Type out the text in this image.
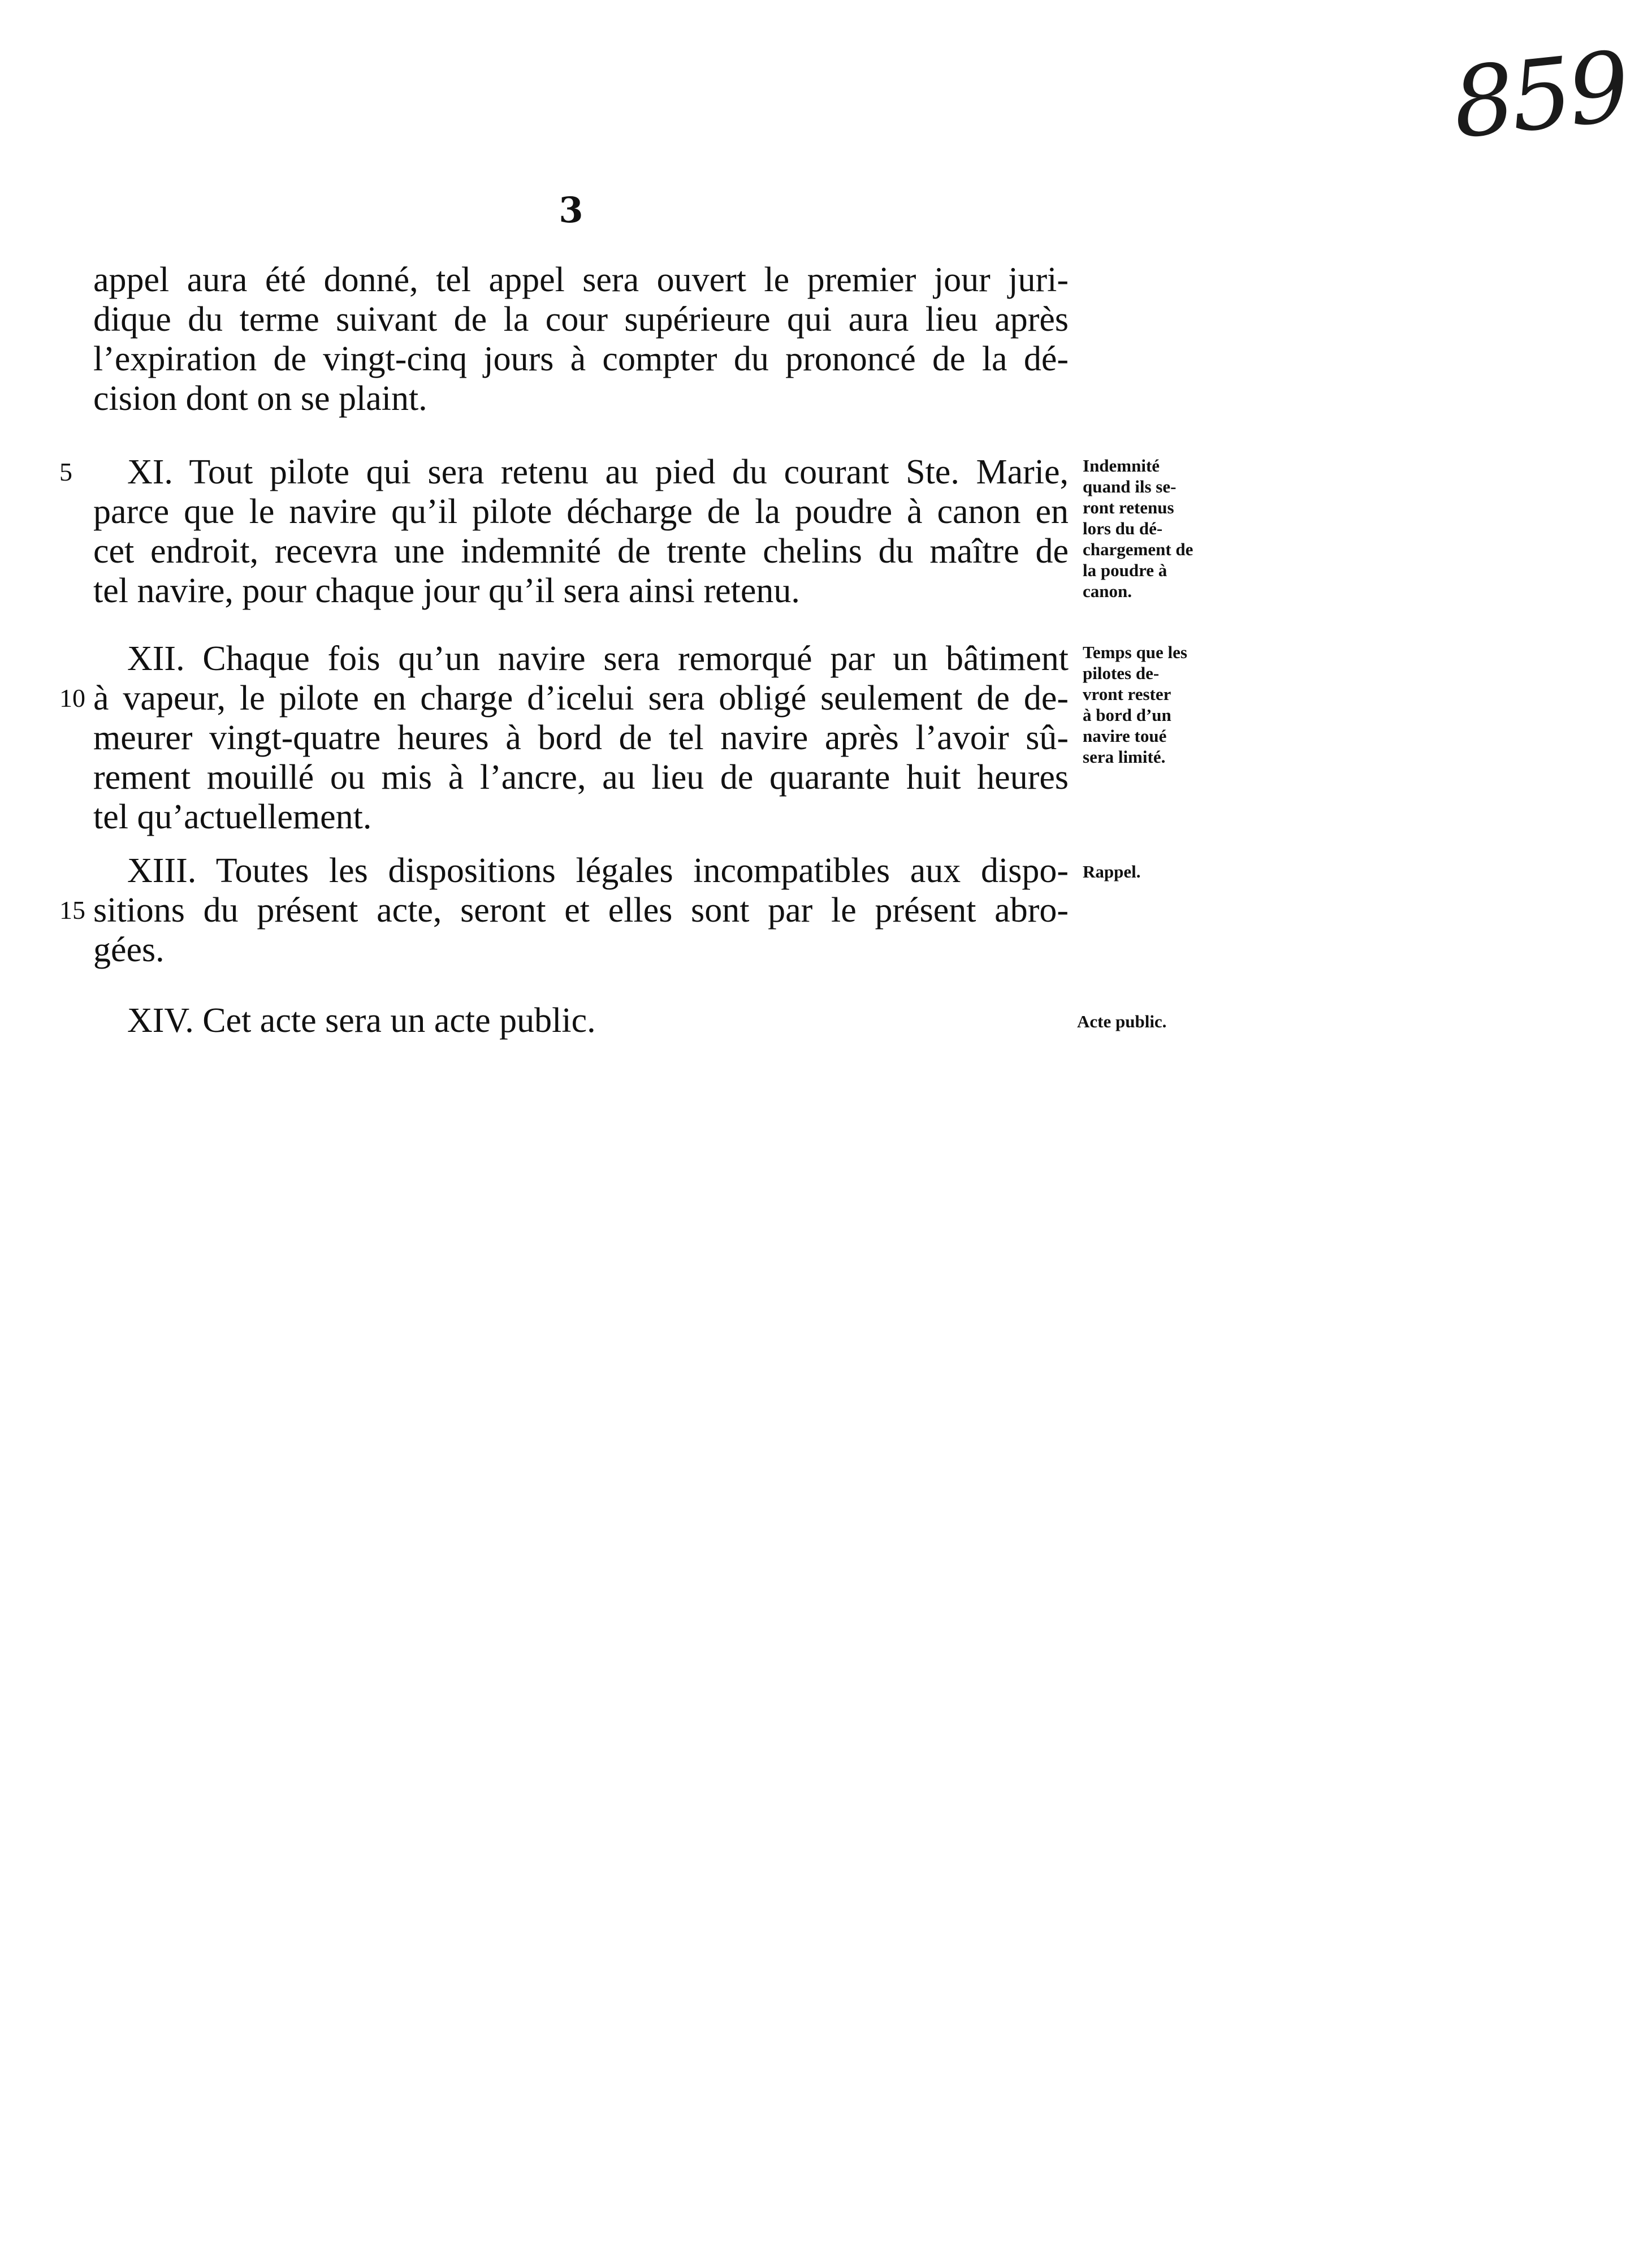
859
3
appel aura été donné, tel appel sera ouvert le premier jour juri-
dique du terme suivant de la cour supérieure qui aura lieu après
l’expiration de vingt-cinq jours à compter du prononcé de la dé-
cision dont on se plaint.
5	XI. Tout pilote qui sera retenu au pied du courant Ste. Marie,
parce que le navire qu’il pilote décharge de la poudre à canon en
cet endroit, recevra une indemnité de trente chelins du maître de
tel navire, pour chaque jour qu’il sera ainsi retenu.
Indemnité
quand ils se-
ront retenus
lors du dé-
chargement de
la poudre à
canon.
10
XII. Chaque fois qu’un navire sera remorqué par un bâtiment
à vapeur, le pilote en charge d’icelui sera obligé seulement de de-
meurer vingt-quatre heures à bord de tel navire après l’avoir sû-
rement mouillé ou mis à l’ancre, au lieu de quarante huit heures
tel qu’actuellement.
Temps que les
pilotes de-
vront rester
à bord d’un
navire toué
sera limité.
15
XIII. Toutes les dispositions légales incompatibles aux dispo-
sitions du présent acte, seront et elles sont par le présent abro-
gées.
Rappel.
XIV. Cet acte sera un acte public.	Acte public.
